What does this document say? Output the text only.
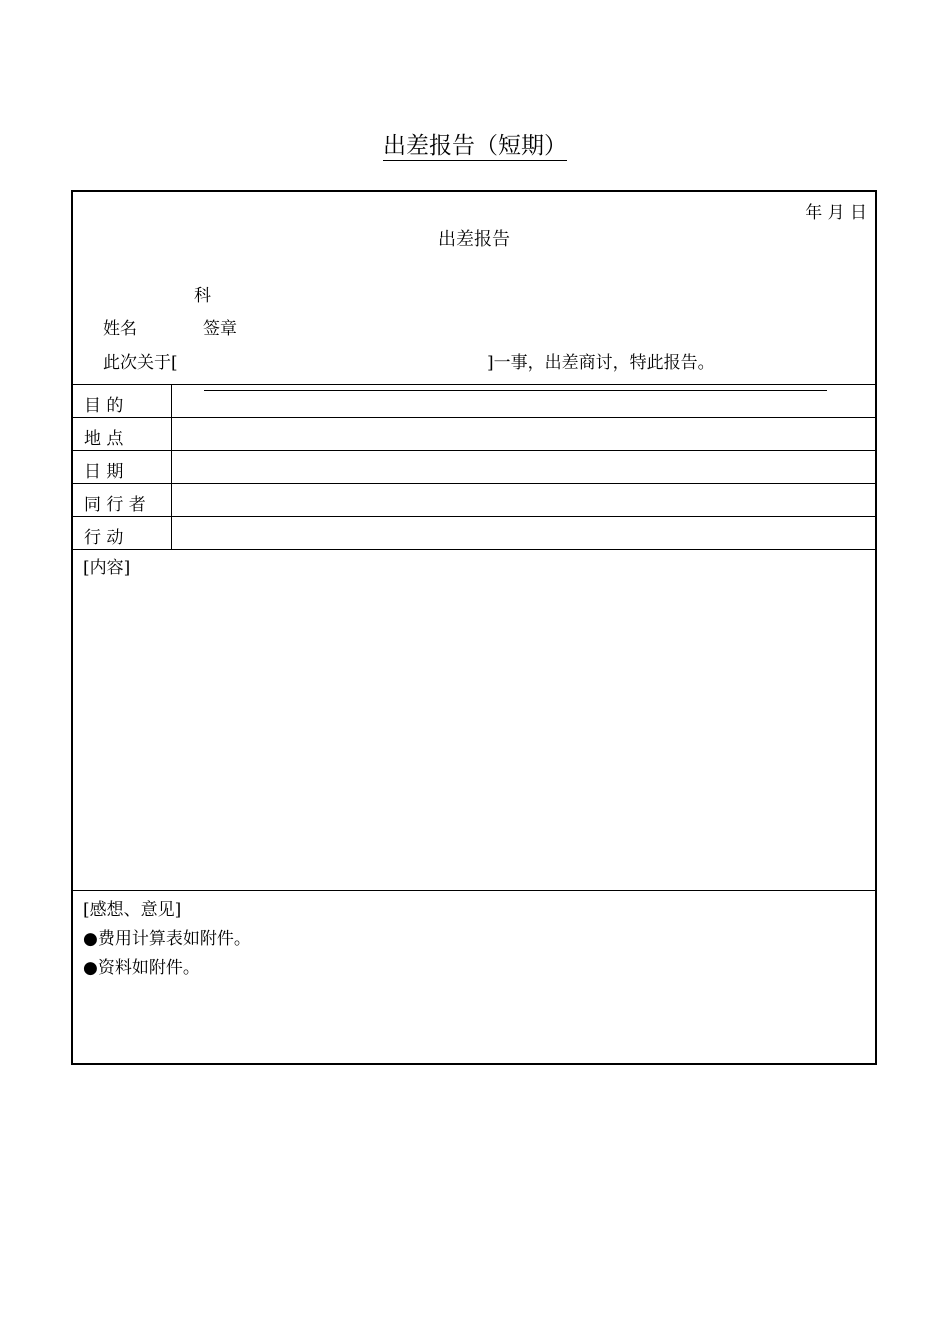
出差报告（短期）
年 月 日
出差报告
科
姓名	签章
此次关于[	]一事，出差商讨，特此报告。
目 的
地 点
日 期
同 行 者
行 动
[内容]
[感想、意见]
●费用计算表如附件。
●资料如附件。
